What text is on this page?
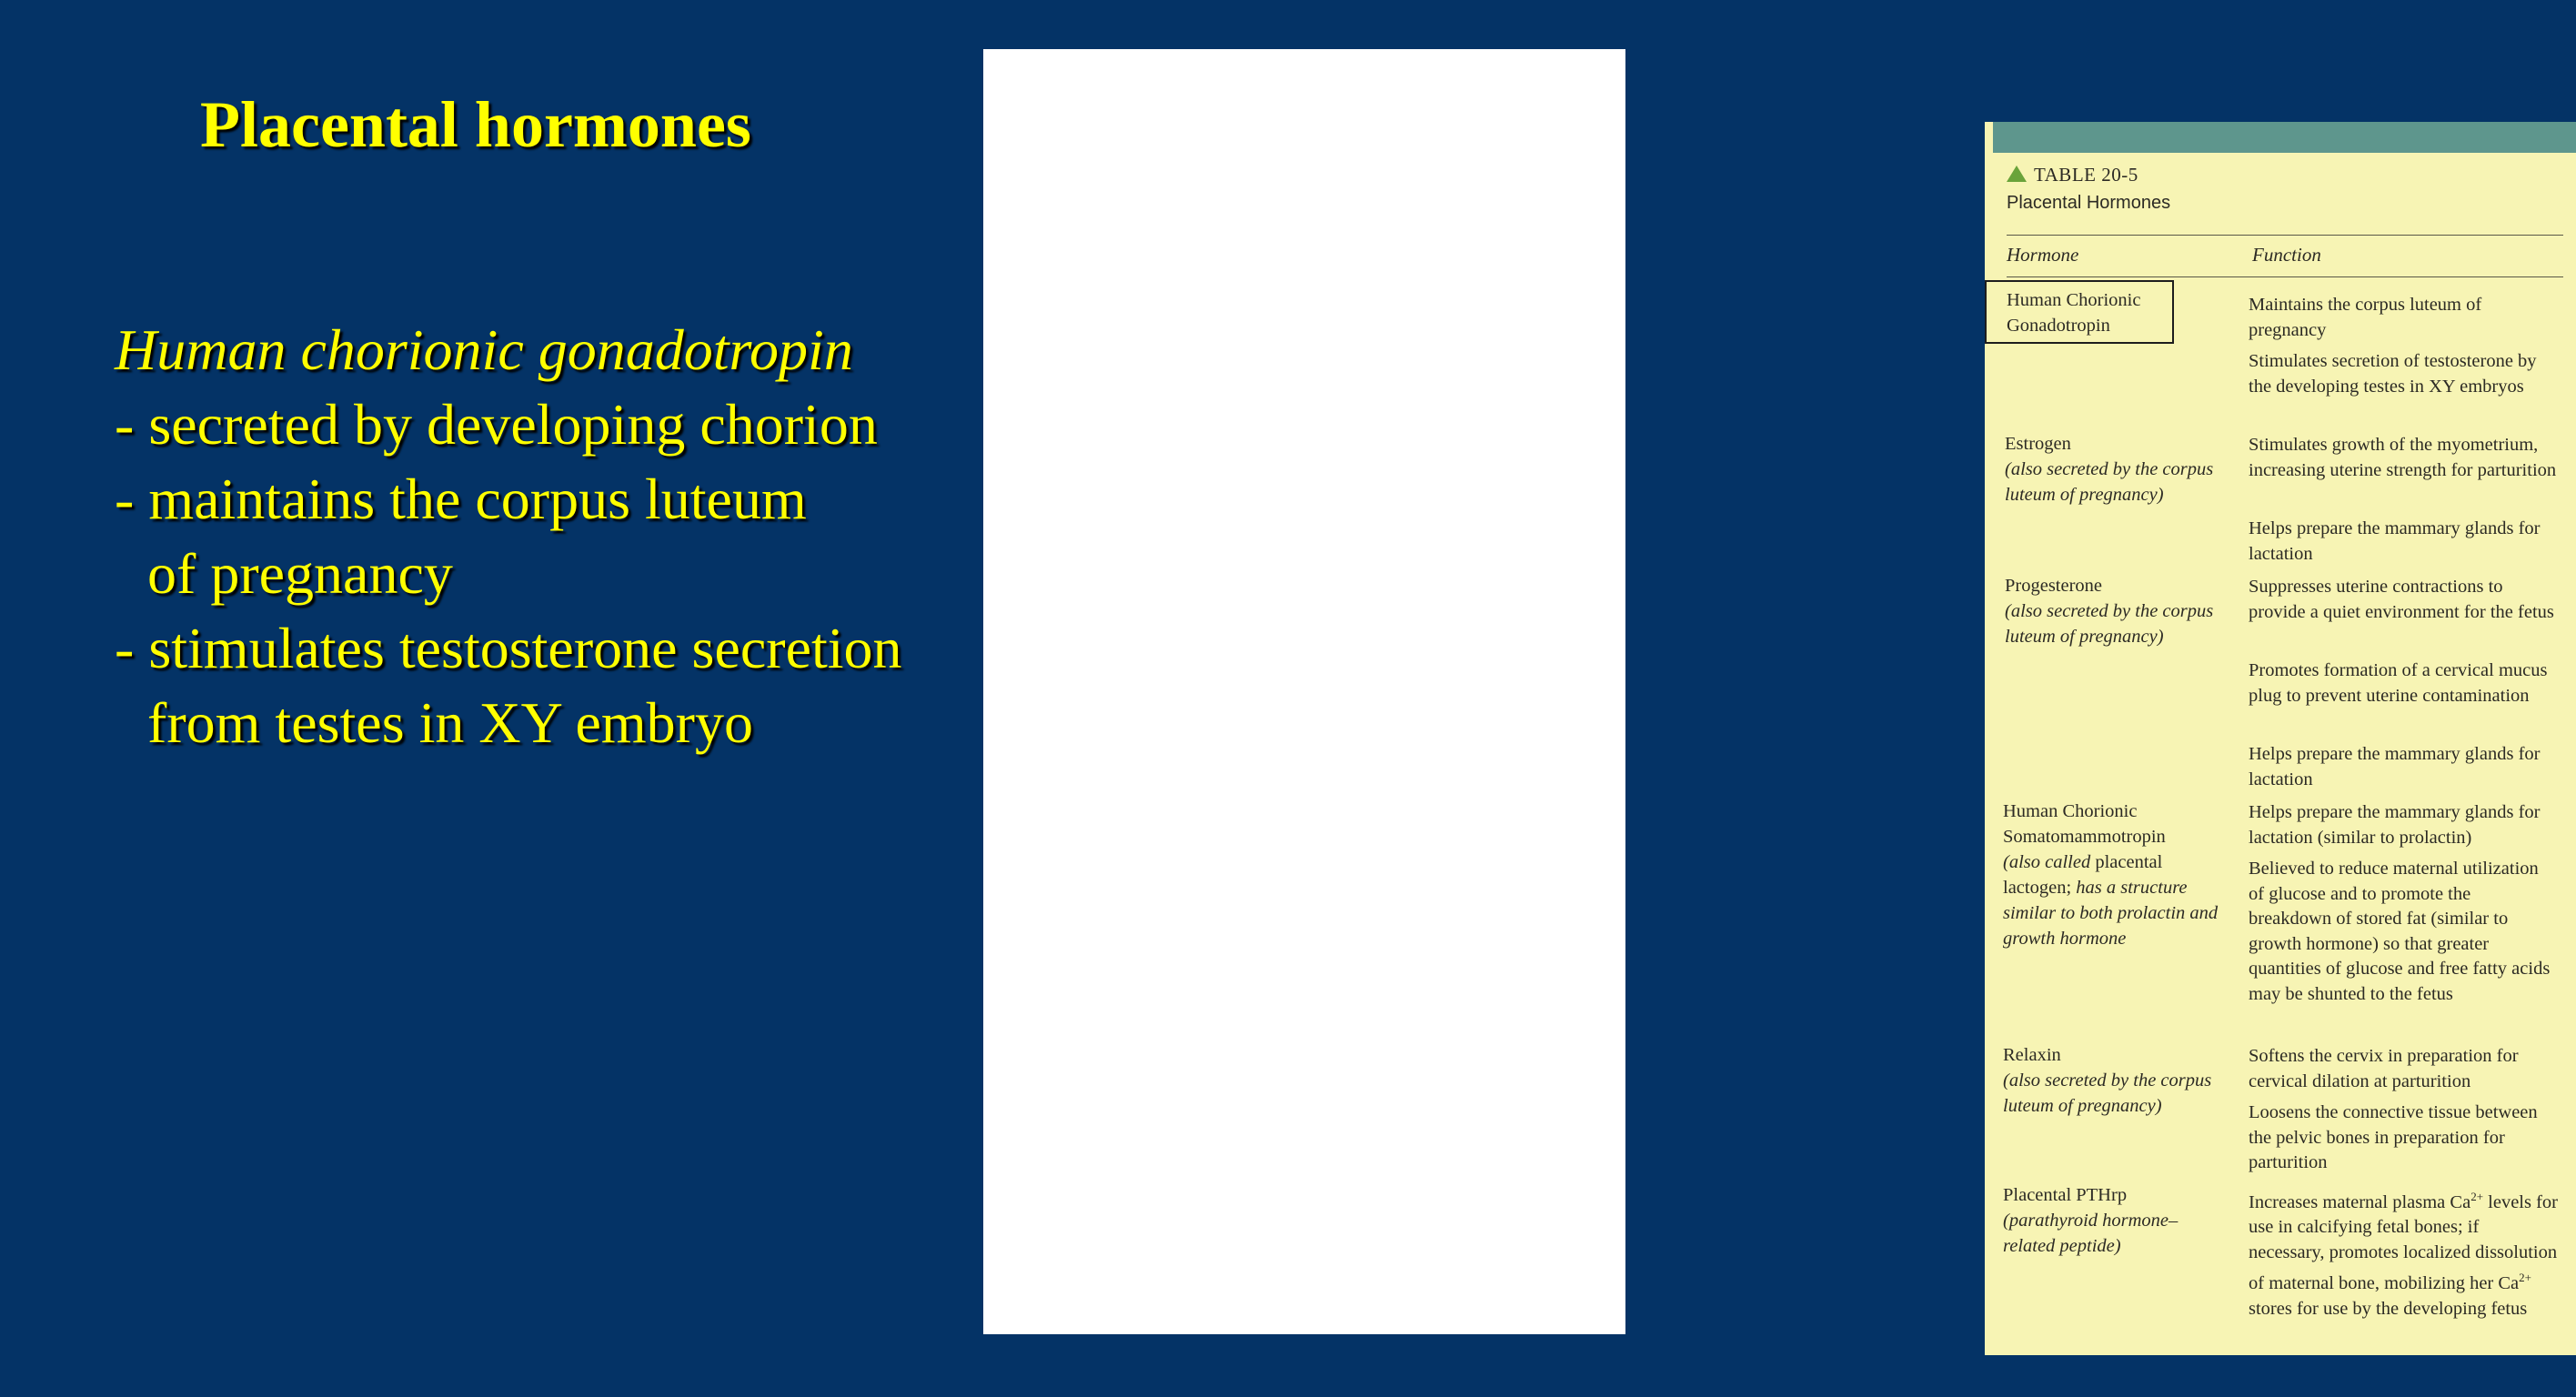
Placental hormones
Human chorionic gonadotropin
- secreted by developing chorion
- maintains the corpus luteum
of pregnancy
- stimulates testosterone secretion
from testes in XY embryo
TABLE 20-5
Placental Hormones
Hormone	Function
Human Chorionic
Gonadotropin
Maintains the corpus luteum of pregnancy
Stimulates secretion of testosterone by the developing testes in XY embryos
Estrogen
(also secreted by the corpus luteum of pregnancy)
Stimulates growth of the myometrium, increasing uterine strength for parturition
Helps prepare the mammary glands for lactation
Progesterone
(also secreted by the corpus luteum of pregnancy)
Suppresses uterine contractions to provide a quiet environment for the fetus
Promotes formation of a cervical mucus plug to prevent uterine contamination
Helps prepare the mammary glands for lactation
Human Chorionic
Somatomammotropin
(also called placental lactogen; has a structure similar to both prolactin and growth hormone
Helps prepare the mammary glands for lactation (similar to prolactin)
Believed to reduce maternal utilization of glucose and to promote the breakdown of stored fat (similar to growth hormone) so that greater quantities of glucose and free fatty acids may be shunted to the fetus
Relaxin
(also secreted by the corpus luteum of pregnancy)
Softens the cervix in preparation for cervical dilation at parturition
Loosens the connective tissue between the pelvic bones in preparation for parturition
Placental PTHrp
(parathyroid hormone–related peptide)
Increases maternal plasma $Ca^{2+}$ levels for use in calcifying fetal bones; if necessary, promotes localized dissolution of maternal bone, mobilizing her $Ca^{2+}$ stores for use by the developing fetus
